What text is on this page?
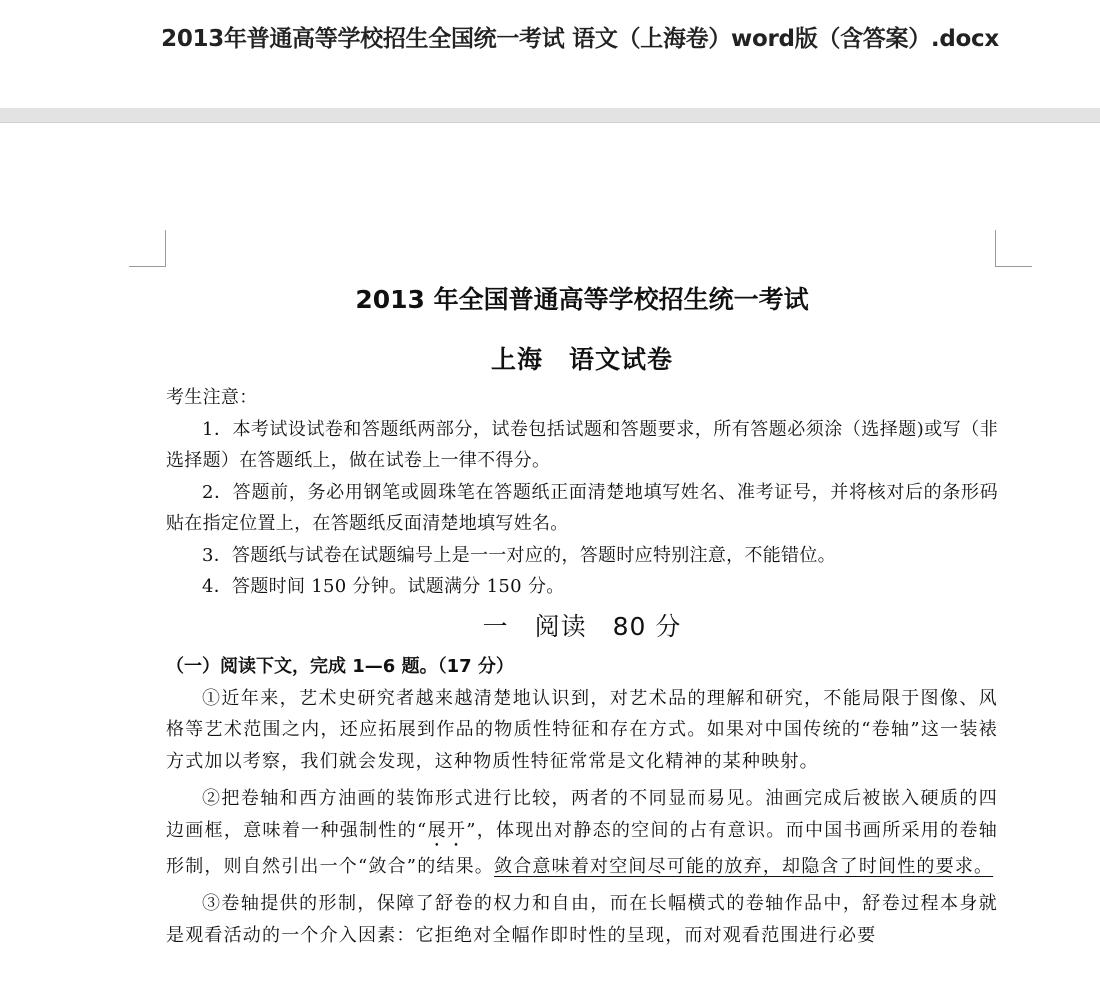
2013年普通高等学校招生全国统一考试 语文（上海卷）word版（含答案）.docx
2013 年全国普通高等学校招生统一考试
上海　语文试卷

考生注意：

1．本考试设试卷和答题纸两部分，试卷包括试题和答题要求，所有答题必须涂（选择题)或写（非选择题）在答题纸上，做在试卷上一律不得分。

2．答题前，务必用钢笔或圆珠笔在答题纸正面清楚地填写姓名、准考证号，并将核对后的条形码贴在指定位置上，在答题纸反面清楚地填写姓名。

3．答题纸与试卷在试题编号上是一一对应的，答题时应特别注意，不能错位。

4．答题时间 150 分钟。试题满分 150 分。

一　阅读　80 分
（一）阅读下文，完成 1—6 题。（17 分）

①近年来，艺术史研究者越来越清楚地认识到，对艺术品的理解和研究，不能局限于图像、风格等艺术范围之内，还应拓展到作品的物质性特征和存在方式。如果对中国传统的“卷轴”这一装裱方式加以考察，我们就会发现，这种物质性特征常常是文化精神的某种映射。

②把卷轴和西方油画的装饰形式进行比较，两者的不同显而易见。油画完成后被嵌入硬质的四边画框，意味着一种强制性的“展开”，体现出对静态的空间的占有意识。而中国书画所采用的卷轴形制，则自然引出一个“敛合”的结果。敛合意味着对空间尽可能的放弃，却隐含了时间性的要求。

③卷轴提供的形制，保障了舒卷的权力和自由，而在长幅横式的卷轴作品中，舒卷过程本身就是观看活动的一个介入因素：它拒绝对全幅作即时性的呈现，而对观看范围进行必要
